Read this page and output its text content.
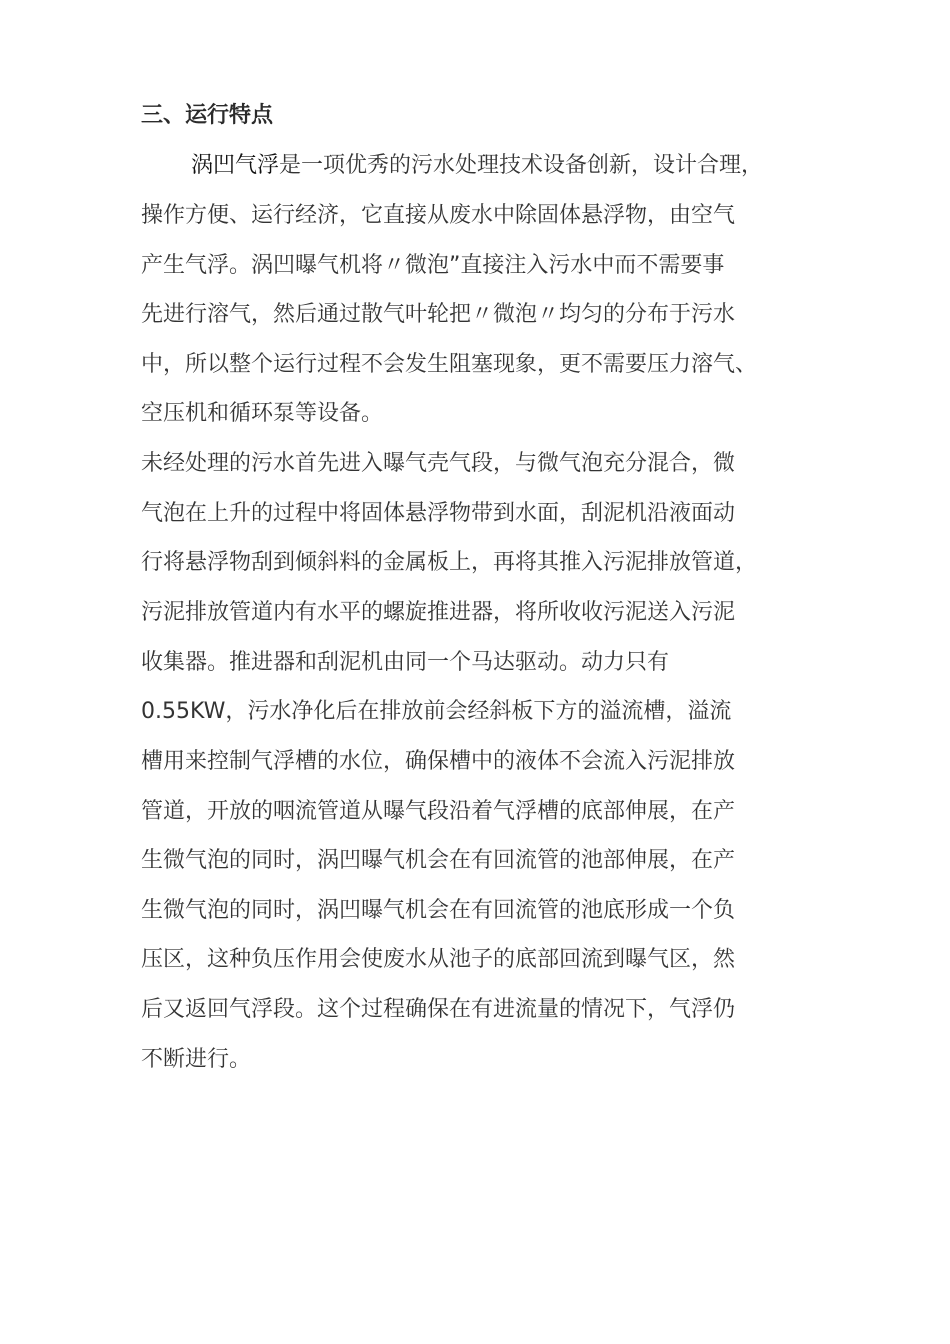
三、运行特点
涡凹气浮是一项优秀的污水处理技术设备创新，设计合理，
操作方便、运行经济，它直接从废水中除固体悬浮物，由空气
产生气浮。涡凹曝气机将〃微泡”直接注入污水中而不需要事
先进行溶气，然后通过散气叶轮把〃微泡〃均匀的分布于污水
中，所以整个运行过程不会发生阻塞现象，更不需要压力溶气、
空压机和循环泵等设备。
未经处理的污水首先进入曝气壳气段，与微气泡充分混合，微
气泡在上升的过程中将固体悬浮物带到水面，刮泥机沿液面动
行将悬浮物刮到倾斜料的金属板上，再将其推入污泥排放管道，
污泥排放管道内有水平的螺旋推进器，将所收收污泥送入污泥
收集器。推进器和刮泥机由同一个马达驱动。动力只有
0.55KW，污水净化后在排放前会经斜板下方的溢流槽，溢流
槽用来控制气浮槽的水位，确保槽中的液体不会流入污泥排放
管道，开放的咽流管道从曝气段沿着气浮槽的底部伸展，在产
生微气泡的同时，涡凹曝气机会在有回流管的池部伸展，在产
生微气泡的同时，涡凹曝气机会在有回流管的池底形成一个负
压区，这种负压作用会使废水从池子的底部回流到曝气区，然
后又返回气浮段。这个过程确保在有进流量的情况下，气浮仍
不断进行。
